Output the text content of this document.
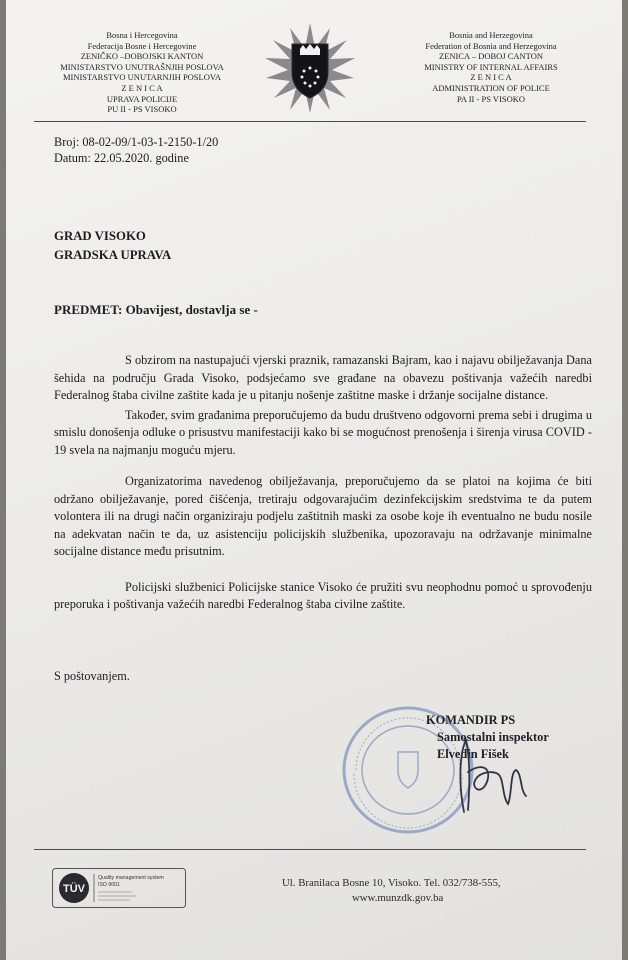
Bosna i Hercegovina
Federacija Bosne i Hercegovine
ZENIČKO –DOBOJSKI KANTON
MINISTARSTVO UNUTRAŠNJIH POSLOVA
MINISTARSTVO UNUTARNJIH POSLOVA
Z E N I C A
UPRAVA POLICIJE
PU II - PS VISOKO
Bosnia and Herzegovina
Federation of Bosnia and Herzegovina
ZENICA – DOBOJ CANTON
MINISTRY OF INTERNAL AFFAIRS
Z E N I C A
ADMINISTRATION OF POLICE
PA II - PS VISOKO
Broj: 08-02-09/1-03-1-2150-1/20
Datum: 22.05.2020. godine
GRAD VISOKO
GRADSKA UPRAVA
PREDMET: Obavijest, dostavlja se -

S obzirom na nastupajući vjerski praznik, ramazanski Bajram, kao i najavu obilježavanja Dana šehida na području Grada Visoko, podsjećamo sve građane na obavezu poštivanja važećih naredbi Federalnog štaba civilne zaštite kada je u pitanju nošenje zaštitne maske i držanje socijalne distance.

Također, svim građanima preporučujemo da budu društveno odgovorni prema sebi i drugima u smislu donošenja odluke o prisustvu manifestaciji kako bi se mogućnost prenošenja i širenja virusa COVID - 19 svela na najmanju moguću mjeru.

Organizatorima navedenog obilježavanja, preporučujemo da se platoi na kojima će biti održano obilježavanje, pored čišćenja, tretiraju odgovarajućim dezinfekcijskim sredstvima te da putem volontera ili na drugi način organiziraju podjelu zaštitnih maski za osobe koje ih eventualno ne budu nosile na adekvatan način te da, uz asistenciju policijskih službenika, upozoravaju na održavanje minimalne socijalne distance među prisutnim.

Policijski službenici Policijske stanice Visoko će pružiti svu neophodnu pomoć u sprovođenju preporuka i poštivanja važećih naredbi Federalnog štaba civilne zaštite.

S poštovanjem.
KOMANDIR PS
Samostalni inspektor
Elvedin Fišek
TÜV
Quality management system
ISO 9001	Ul. Branilaca Bosne 10, Visoko. Tel. 032/738-555,
www.munzdk.gov.ba
